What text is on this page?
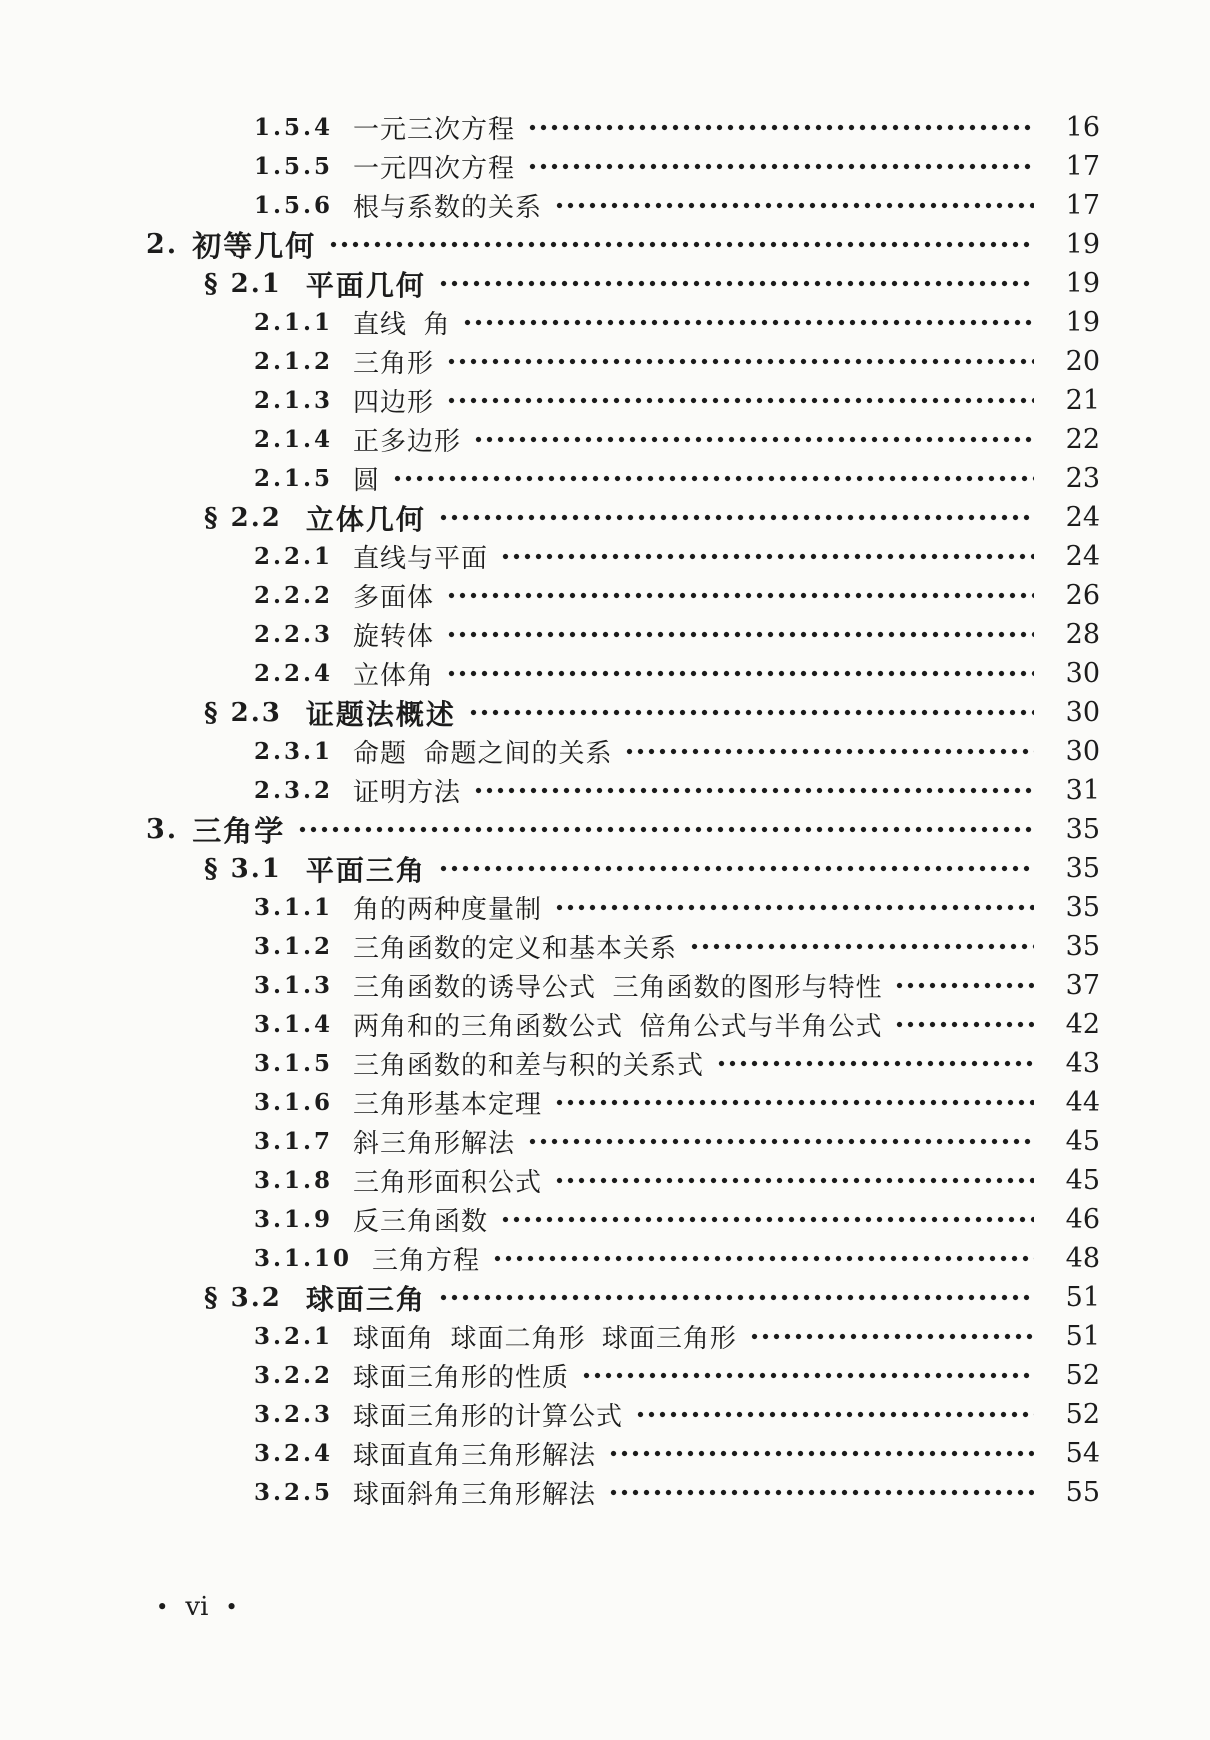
1.5.4 一元三次方程	16
1.5.5 一元四次方程	17
1.5.6 根与系数的关系	17
2. 初等几何	19
§ 2.1 平面几何	19
2.1.1 直线  角	19
2.1.2 三角形	20
2.1.3 四边形	21
2.1.4 正多边形	22
2.1.5 圆	23
§ 2.2 立体几何	24
2.2.1 直线与平面	24
2.2.2 多面体	26
2.2.3 旋转体	28
2.2.4 立体角	30
§ 2.3 证题法概述	30
2.3.1 命题  命题之间的关系	30
2.3.2 证明方法	31
3. 三角学	35
§ 3.1 平面三角	35
3.1.1 角的两种度量制	35
3.1.2 三角函数的定义和基本关系	35
3.1.3 三角函数的诱导公式  三角函数的图形与特性	37
3.1.4 两角和的三角函数公式  倍角公式与半角公式	42
3.1.5 三角函数的和差与积的关系式	43
3.1.6 三角形基本定理	44
3.1.7 斜三角形解法	45
3.1.8 三角形面积公式	45
3.1.9 反三角函数	46
3.1.10 三角方程	48
§ 3.2 球面三角	51
3.2.1 球面角  球面二角形  球面三角形	51
3.2.2 球面三角形的性质	52
3.2.3 球面三角形的计算公式	52
3.2.4 球面直角三角形解法	54
3.2.5 球面斜角三角形解法	55
• vi •
